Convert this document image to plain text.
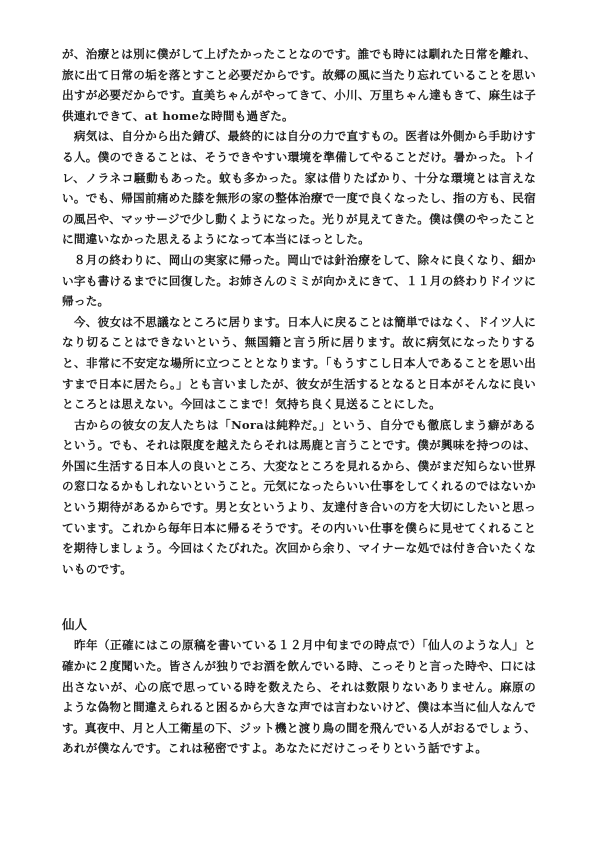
が、治療とは別に僕がして上げたかったことなのです。誰でも時には馴れた日常を離れ、旅に出て日常の垢を落とすこと必要だからです。故郷の風に当たり忘れていることを思い出すが必要だからです。直美ちゃんがやってきて、小川、万里ちゃん達もきて、麻生は子供連れできて、at homeな時間も過ぎた。

　病気は、自分から出た錆び、最終的には自分の力で直すもの。医者は外側から手助けする人。僕のできることは、そうできやすい環境を準備してやることだけ。暑かった。トイレ、ノラネコ騒動もあった。蚊も多かった。家は借りたばかり、十分な環境とは言えない。でも、帰国前痛めた膝を無形の家の整体治療で一度で良くなったし、指の方も、民宿の風呂や、マッサージで少し動くようになった。光りが見えてきた。僕は僕のやったことに間違いなかった思えるようになって本当にほっとした。

　８月の終わりに、岡山の実家に帰った。岡山では針治療をして、除々に良くなり、細かい字も書けるまでに回復した。お姉さんのミミが向かえにきて、１１月の終わりドイツに帰った。

　今、彼女は不思議なところに居ります。日本人に戻ることは簡単ではなく、ドイツ人になり切ることはできないという、無国籍と言う所に居ります。故に病気になったりすると、非常に不安定な場所に立つこととなります。「もうすこし日本人であることを思い出すまで日本に居たら。」とも言いましたが、彼女が生活するとなると日本がそんなに良いところとは思えない。今回はここまで！気持ち良く見送ることにした。

　古からの彼女の友人たちは「Noraは純粋だ。」という、自分でも徹底しまう癖があるという。でも、それは限度を越えたらそれは馬鹿と言うことです。僕が興味を持つのは、外国に生活する日本人の良いところ、大変なところを見れるから、僕がまだ知らない世界の窓口なるかもしれないということ。元気になったらいい仕事をしてくれるのではないかという期待があるからです。男と女というより、友達付き合いの方を大切にしたいと思っています。これから毎年日本に帰るそうです。その内いい仕事を僕らに見せてくれることを期待しましょう。今回はくたびれた。次回から余り、マイナーな処では付き合いたくないものです。

仙人

　昨年（正確にはこの原稿を書いている１２月中旬までの時点で）「仙人のような人」と確かに２度聞いた。皆さんが独りでお酒を飲んでいる時、こっそりと言った時や、口には出さないが、心の底で思っている時を数えたら、それは数限りないありません。麻原のような偽物と間違えられると困るから大きな声では言わないけど、僕は本当に仙人なんです。真夜中、月と人工衛星の下、ジット機と渡り鳥の間を飛んでいる人がおるでしょう、あれが僕なんです。これは秘密ですよ。あなたにだけこっそりという話ですよ。
